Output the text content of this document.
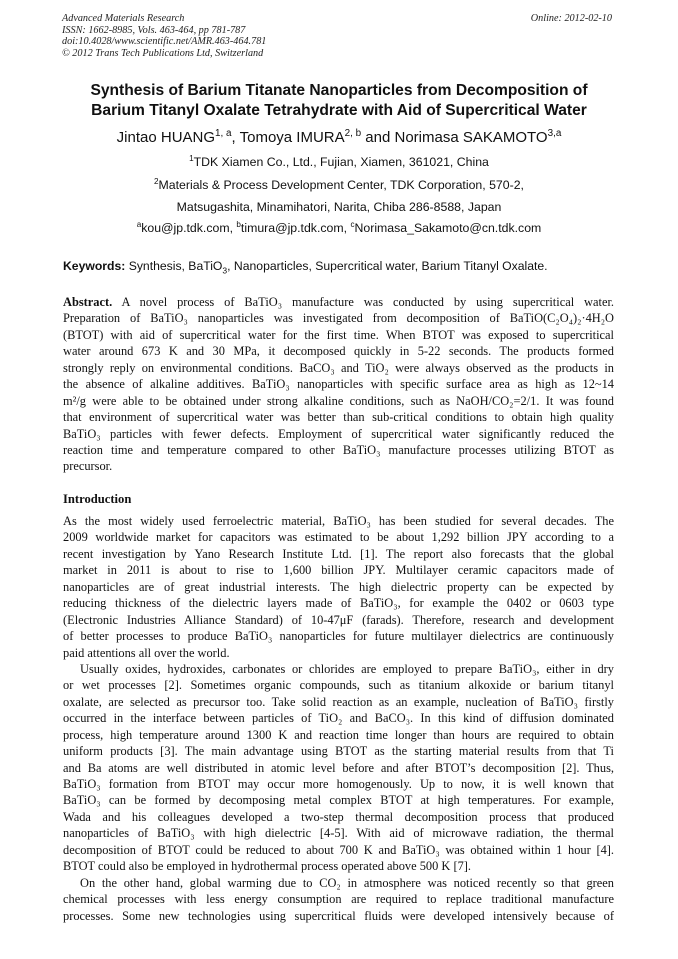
Advanced Materials Research
ISSN: 1662-8985, Vols. 463-464, pp 781-787
doi:10.4028/www.scientific.net/AMR.463-464.781
© 2012 Trans Tech Publications Ltd, Switzerland
Online: 2012-02-10
Synthesis of Barium Titanate Nanoparticles from Decomposition of
Barium Titanyl Oxalate Tetrahydrate with Aid of Supercritical Water
Jintao HUANG$^{1, a}$, Tomoya IMURA$^{2, b}$ and Norimasa SAKAMOTO$^{3,a}$
$^1$TDK Xiamen Co., Ltd., Fujian, Xiamen, 361021, China
$^2$Materials & Process Development Center, TDK Corporation, 570-2,
Matsugashita, Minamihatori, Narita, Chiba 286-8588, Japan
$^a$kou@jp.tdk.com, $^b$timura@jp.tdk.com, $^c$Norimasa_Sakamoto@cn.tdk.com
Keywords: Synthesis, BaTiO$_3$, Nanoparticles, Supercritical water, Barium Titanyl Oxalate.
Abstract. A novel process of BaTiO₃ manufacture was conducted by using supercritical water.
Preparation of BaTiO₃ nanoparticles was investigated from decomposition of BaTiO(C₂O₄)₂·4H₂O
(BTOT) with aid of supercritical water for the first time. When BTOT was exposed to supercritical
water around 673 K and 30 MPa, it decomposed quickly in 5-22 seconds. The products formed
strongly reply on environmental conditions. BaCO₃ and TiO₂ were always observed as the products in
the absence of alkaline additives. BaTiO₃ nanoparticles with specific surface area as high as 12~14
m²/g were able to be obtained under strong alkaline conditions, such as NaOH/CO₂=2/1. It was found
that environment of supercritical water was better than sub-critical conditions to obtain high quality
BaTiO₃ particles with fewer defects. Employment of supercritical water significantly reduced the
reaction time and temperature compared to other BaTiO₃ manufacture processes utilizing BTOT as
precursor.
Introduction
As the most widely used ferroelectric material, BaTiO₃ has been studied for several decades. The
2009 worldwide market for capacitors was estimated to be about 1,292 billion JPY according to a
recent investigation by Yano Research Institute Ltd. [1]. The report also forecasts that the global
market in 2011 is about to rise to 1,600 billion JPY. Multilayer ceramic capacitors made of
nanoparticles are of great industrial interests. The high dielectric property can be expected by
reducing thickness of the dielectric layers made of BaTiO₃, for example the 0402 or 0603 type
(Electronic Industries Alliance Standard) of 10-47μF (farads). Therefore, research and development
of better processes to produce BaTiO₃ nanoparticles for future multilayer dielectrics are continuously
paid attentions all over the world.
Usually oxides, hydroxides, carbonates or chlorides are employed to prepare BaTiO₃, either in dry
or wet processes [2]. Sometimes organic compounds, such as titanium alkoxide or barium titanyl
oxalate, are selected as precursor too. Take solid reaction as an example, nucleation of BaTiO₃ firstly
occurred in the interface between particles of TiO₂ and BaCO₃. In this kind of diffusion dominated
process, high temperature around 1300 K and reaction time longer than hours are required to obtain
uniform products [3]. The main advantage using BTOT as the starting material results from that Ti
and Ba atoms are well distributed in atomic level before and after BTOT’s decomposition [2]. Thus,
BaTiO₃ formation from BTOT may occur more homogenously. Up to now, it is well known that
BaTiO₃ can be formed by decomposing metal complex BTOT at high temperatures. For example,
Wada and his colleagues developed a two-step thermal decomposition process that produced
nanoparticles of BaTiO₃ with high dielectric [4-5]. With aid of microwave radiation, the thermal
decomposition of BTOT could be reduced to about 700 K and BaTiO₃ was obtained within 1 hour [4].
BTOT could also be employed in hydrothermal process operated above 500 K [7].
On the other hand, global warming due to CO₂ in atmosphere was noticed recently so that green
chemical processes with less energy consumption are required to replace traditional manufacture
processes. Some new technologies using supercritical fluids were developed intensively because of
